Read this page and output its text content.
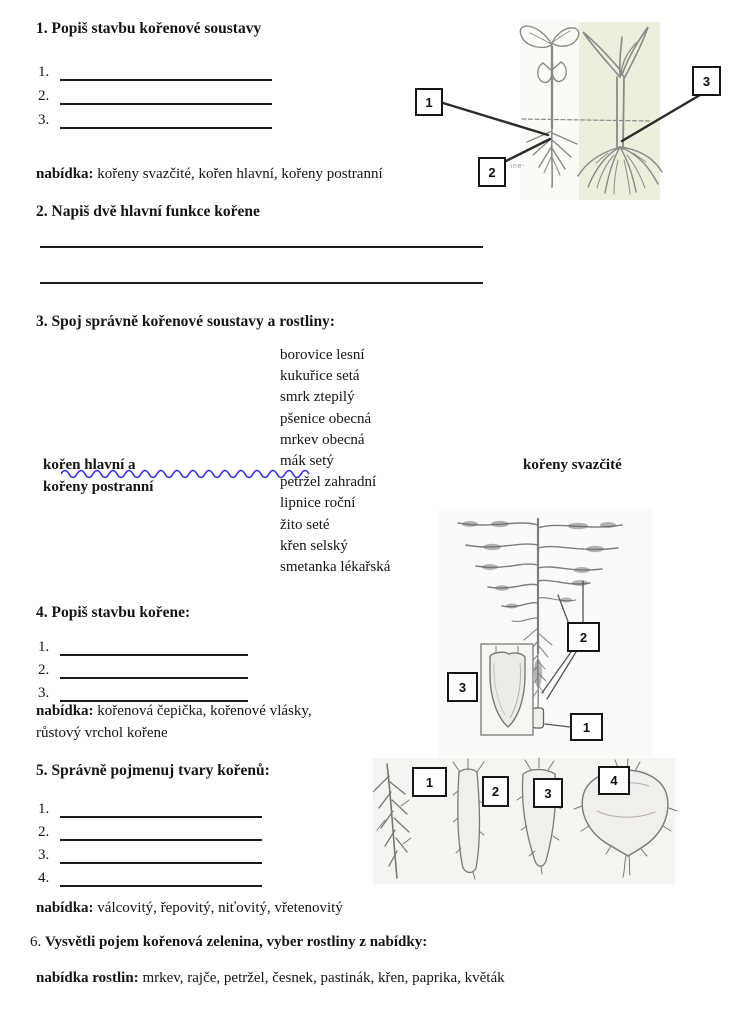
1. Popiš stavbu kořenové soustavy
1.
2.
3.
nabídka: kořeny svazčité, kořen hlavní, kořeny postranní
1
2
3
ine-
2. Napiš dvě hlavní funkce kořene
3. Spoj správně kořenové soustavy a rostliny:
borovice lesní
kukuřice setá
smrk ztepilý
pšenice obecná
mrkev obecná
mák setý
petržel zahradní
lipnice roční
žito seté
křen selský
smetanka lékařská
kořen hlavní a
kořeny postranní
kořeny svazčité
2
3
1
4. Popiš stavbu kořene:
1.
2.
3.
nabídka: kořenová čepička, kořenové vlásky,
růstový vrchol kořene
5. Správně pojmenuj tvary kořenů:
1.
2.
3.
4.
1
2	3
4
nabídka: válcovitý, řepovitý, niťovitý, vřetenovitý
6. Vysvětli pojem kořenová zelenina, vyber rostliny z nabídky:
nabídka rostlin: mrkev, rajče, petržel, česnek, pastinák, křen, paprika, květák
